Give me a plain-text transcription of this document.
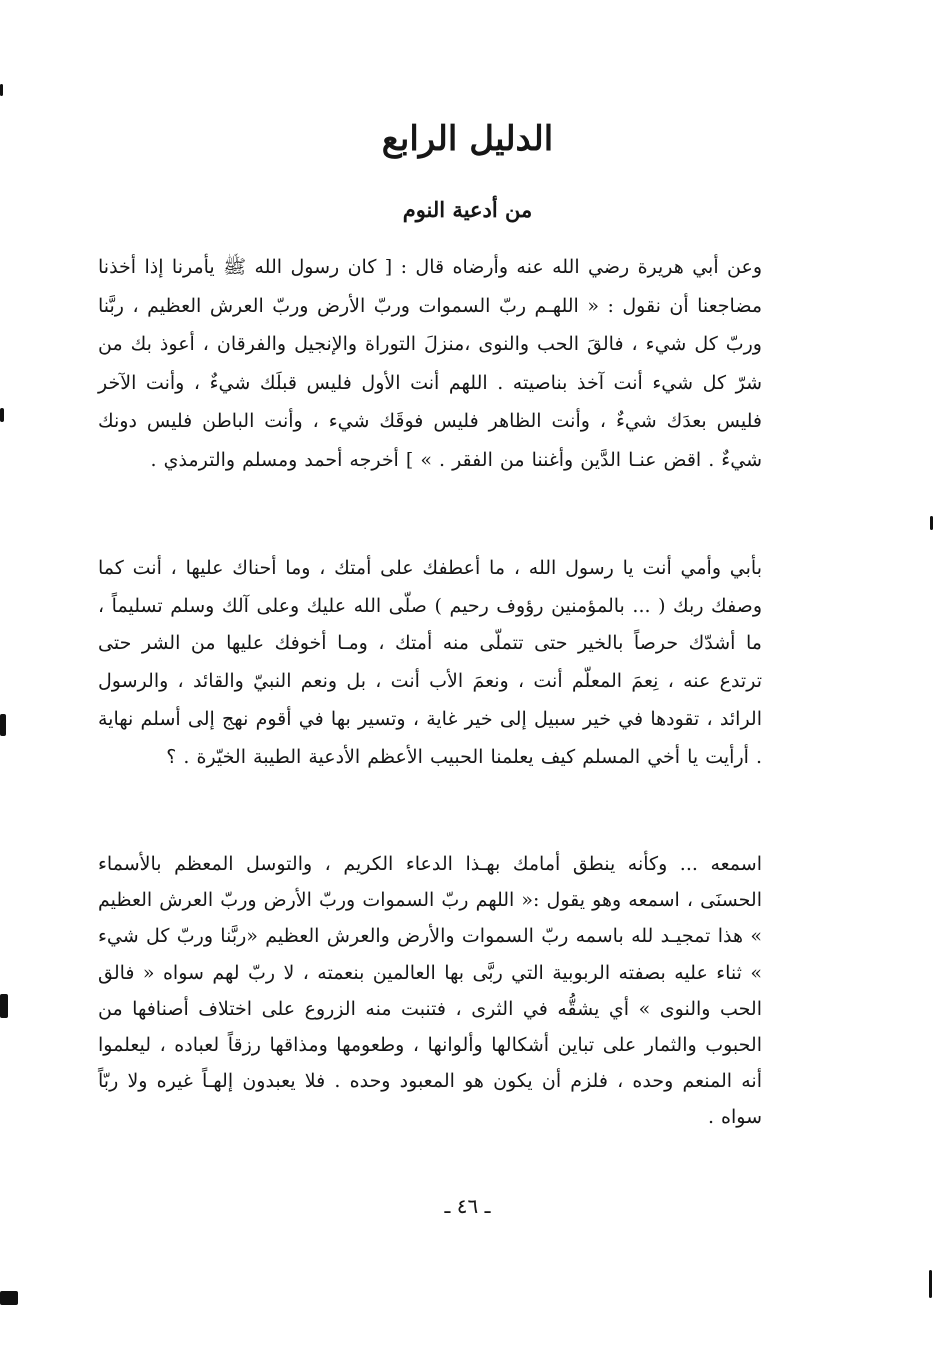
الدليل الرابع
من أدعية النوم

وعن أبي هريرة رضي الله عنه وأرضاه قال : [ كان رسول الله ﷺ يأمرنا إذا أخذنا مضاجعنا أن نقول : « اللهـم ربّ السموات وربّ الأرض وربّ العرش العظيم ، ربَّنا وربّ كل شيء ، فالقَ الحب والنوى ،منزلَ التوراة والإنجيل والفرقان ، أعوذ بك من شرّ كل شيء أنت آخذ بناصيته . اللهم أنت الأول فليس قبلَك شيءٌ ، وأنت الآخر فليس بعدَك شيءٌ ، وأنت الظاهر فليس فوقَك شيء ، وأنت الباطن فليس دونك شيءٌ . اقض عنـا الدَّين وأغننا من الفقر . » ] أخرجه أحمد ومسلم والترمذي .

بأبي وأمي أنت يا رسول الله ، ما أعطفك على أمتك ، وما أحناك عليها ، أنت كما وصفك ربك ( ... بالمؤمنين رؤوف رحيم ) صلّى الله عليك وعلى آلك وسلم تسليماً ، ما أشدّك حرصاً بالخير حتى تتملّى منه أمتك ، ومـا أخوفك عليها من الشر حتى ترتدع عنه ، نِعمَ المعلّم أنت ، ونعمَ الأب أنت ، بل ونعم النبيّ والقائد ، والرسول الرائد ، تقودها في خير سبيل إلى خير غاية ، وتسير بها في أقوم نهج إلى أسلم نهاية . أرأيت يا أخي المسلم كيف يعلمنا الحبيب الأعظم الأدعية الطيبة الخيّرة . ؟

اسمعه ... وكأنه ينطق أمامك بهـذا الدعاء الكريم ، والتوسل المعظم بالأسماء الحسنَى ، اسمعه وهو يقول :« اللهم ربّ السموات وربّ الأرض وربّ العرش العظيم » هذا تمجيـد لله باسمه ربّ السموات والأرض والعرش العظيم «ربَّنا وربّ كل شيء » ثناء عليه بصفته الربوبية التي ربَّى بها العالمين بنعمته ، لا ربّ لهم سواه « فالق الحب والنوى » أي يشقُّه في الثرى ، فتنبت منه الزروع على اختلاف أصنافها من الحبوب والثمار على تباين أشكالها وألوانها ، وطعومها ومذاقها رزقاً لعباده ، ليعلموا أنه المنعم وحده ، فلزم أن يكون هو المعبود وحده . فلا يعبدون إلهـاً غيره ولا ربّاً سواه .

ـ ٤٦ ـ
